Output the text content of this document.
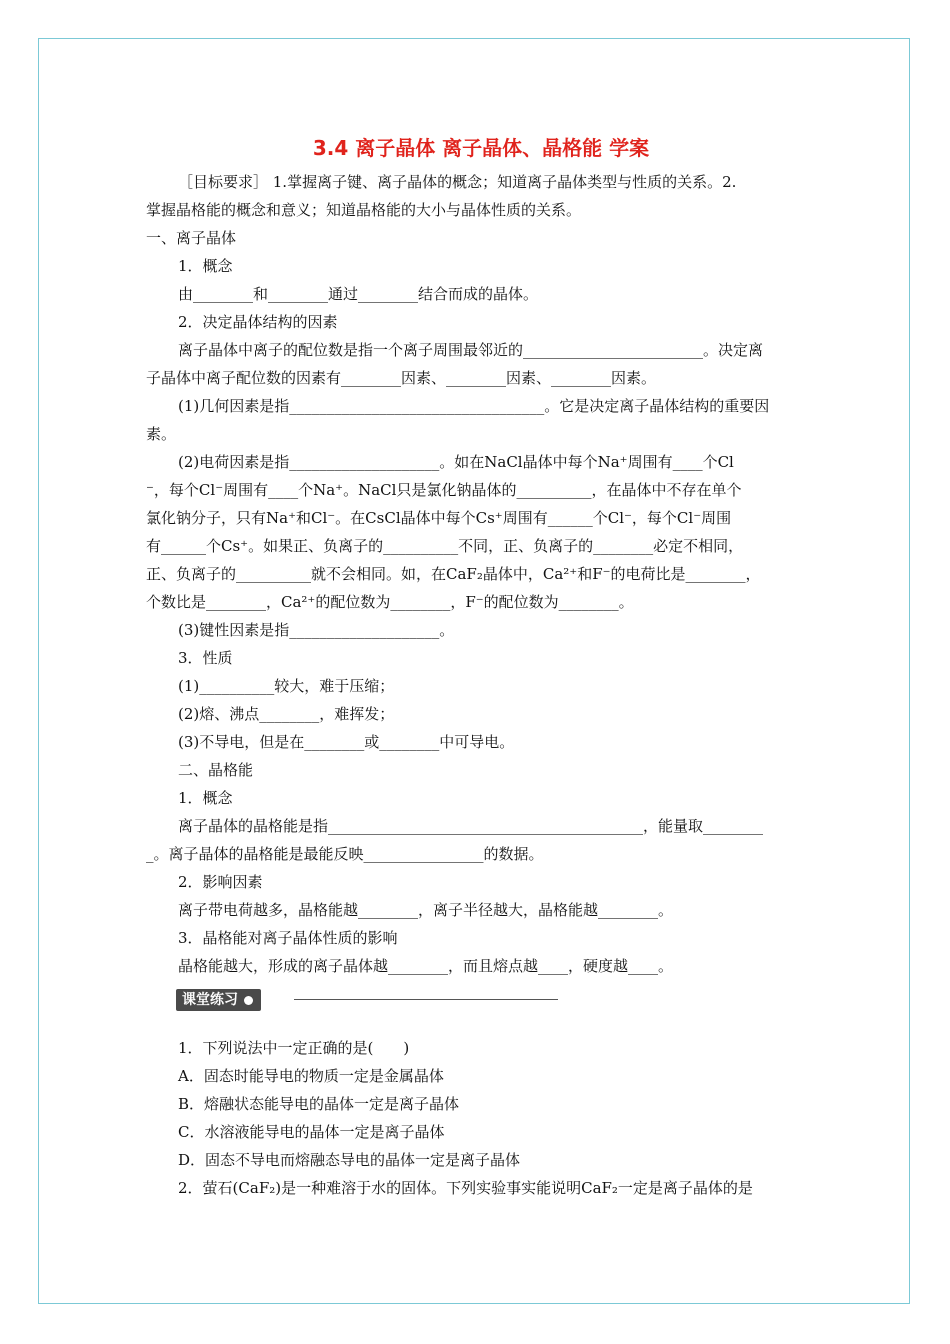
3.4 离子晶体 离子晶体、晶格能 学案
［目标要求］ 1.掌握离子键、离子晶体的概念；知道离子晶体类型与性质的关系。2.
掌握晶格能的概念和意义；知道晶格能的大小与晶体性质的关系。
一、离子晶体
1．概念
由________和________通过________结合而成的晶体。
2．决定晶体结构的因素
离子晶体中离子的配位数是指一个离子周围最邻近的________________________。决定离
子晶体中离子配位数的因素有________因素、________因素、________因素。
(1)几何因素是指__________________________________。它是决定离子晶体结构的重要因
素。
(2)电荷因素是指____________________。如在NaCl晶体中每个Na⁺周围有____个Cl
⁻，每个Cl⁻周围有____个Na⁺。NaCl只是氯化钠晶体的__________，在晶体中不存在单个
氯化钠分子，只有Na⁺和Cl⁻。在CsCl晶体中每个Cs⁺周围有______个Cl⁻，每个Cl⁻周围
有______个Cs⁺。如果正、负离子的__________不同，正、负离子的________必定不相同，
正、负离子的__________就不会相同。如，在CaF₂晶体中，Ca²⁺和F⁻的电荷比是________，
个数比是________，Ca²⁺的配位数为________，F⁻的配位数为________。
(3)键性因素是指____________________。
3．性质
(1)__________较大，难于压缩；
(2)熔、沸点________，难挥发；
(3)不导电，但是在________或________中可导电。
二、晶格能
1．概念
离子晶体的晶格能是指__________________________________________，能量取________
_。离子晶体的晶格能是最能反映________________的数据。
2．影响因素
离子带电荷越多，晶格能越________，离子半径越大，晶格能越________。
3．晶格能对离子晶体性质的影响
晶格能越大，形成的离子晶体越________，而且熔点越____，硬度越____。
课堂练习
1．下列说法中一定正确的是(　　)
A．固态时能导电的物质一定是金属晶体
B．熔融状态能导电的晶体一定是离子晶体
C．水溶液能导电的晶体一定是离子晶体
D．固态不导电而熔融态导电的晶体一定是离子晶体
2．萤石(CaF₂)是一种难溶于水的固体。下列实验事实能说明CaF₂一定是离子晶体的是
